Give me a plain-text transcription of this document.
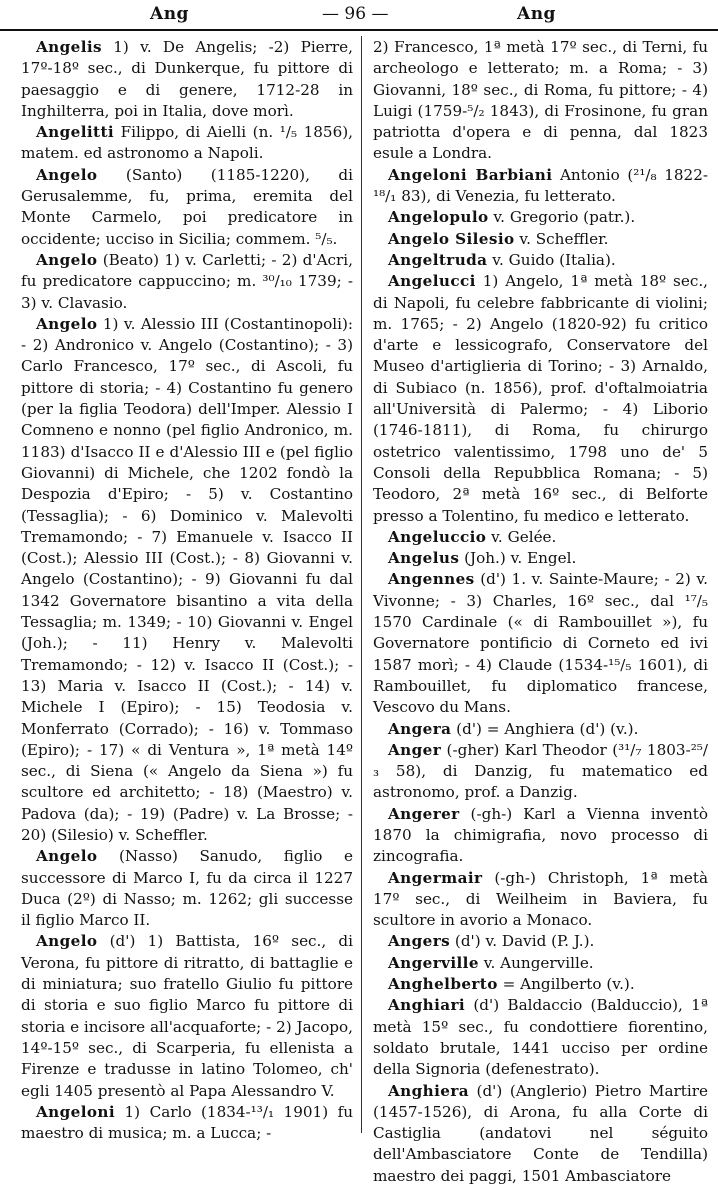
Ang	— 96 —	Ang

Angelis 1) v. De Angelis; -2) Pierre, 17º-18º sec., di Dunkerque, fu pittore di paesaggio e di genere, 1712-28 in Inghilterra, poi in Italia, dove morì.

Angelitti Filippo, di Aielli (n. ¹/₅ 1856), matem. ed astronomo a Napoli.

Angelo (Santo) (1185-1220), di Gerusalemme, fu, prima, eremita del Monte Carmelo, poi predicatore in occidente; ucciso in Sicilia; commem. ⁵/₅.

Angelo (Beato) 1) v. Carletti; - 2) d'Acri, fu predicatore cappuccino; m. ³⁰/₁₀ 1739; - 3) v. Clavasio.

Angelo 1) v. Alessio III (Costantinopoli): - 2) Andronico v. Angelo (Costantino); - 3) Carlo Francesco, 17º sec., di Ascoli, fu pittore di storia; - 4) Costantino fu genero (per la figlia Teodora) dell'Imper. Alessio I Comneno e nonno (pel figlio Andronico, m. 1183) d'Isacco II e d'Alessio III e (pel figlio Giovanni) di Michele, che 1202 fondò la Despozia d'Epiro; - 5) v. Costantino (Tessaglia); - 6) Dominico v. Malevolti Tremamondo; - 7) Emanuele v. Isacco II (Cost.); Alessio III (Cost.); - 8) Giovanni v. Angelo (Costantino); - 9) Giovanni fu dal 1342 Governatore bisantino a vita della Tessaglia; m. 1349; - 10) Giovanni v. Engel (Joh.); - 11) Henry v. Malevolti Tremamondo; - 12) v. Isacco II (Cost.); - 13) Maria v. Isacco II (Cost.); - 14) v. Michele I (Epiro); - 15) Teodosia v. Monferrato (Corrado); - 16) v. Tommaso (Epiro); - 17) « di Ventura », 1ª metà 14º sec., di Siena (« Angelo da Siena ») fu scultore ed architetto; - 18) (Maestro) v. Padova (da); - 19) (Padre) v. La Brosse; - 20) (Silesio) v. Scheffler.

Angelo (Nasso) Sanudo, figlio e successore di Marco I, fu da circa il 1227 Duca (2º) di Nasso; m. 1262; gli successe il figlio Marco II.

Angelo (d') 1) Battista, 16º sec., di Verona, fu pittore di ritratto, di battaglie e di miniatura; suo fratello Giulio fu pittore di storia e suo figlio Marco fu pittore di storia e incisore all'acquaforte; - 2) Jacopo, 14º-15º sec., di Scarperia, fu ellenista a Firenze e tradusse in latino Tolomeo, ch' egli 1405 presentò al Papa Alessandro V.

Angeloni 1) Carlo (1834-¹³/₁ 1901) fu maestro di musica; m. a Lucca; -

2) Francesco, 1ª metà 17º sec., di Terni, fu archeologo e letterato; m. a Roma; - 3) Giovanni, 18º sec., di Roma, fu pittore; - 4) Luigi (1759-⁵/₂ 1843), di Frosinone, fu gran patriotta d'opera e di penna, dal 1823 esule a Londra.

Angeloni Barbiani Antonio (²¹/₈ 1822-¹⁸/₁ 83), di Venezia, fu letterato.

Angelopulo v. Gregorio (patr.).

Angelo Silesio v. Scheffler.

Angeltruda v. Guido (Italia).

Angelucci 1) Angelo, 1ª metà 18º sec., di Napoli, fu celebre fabbricante di violini; m. 1765; - 2) Angelo (1820-92) fu critico d'arte e lessicografo, Conservatore del Museo d'artiglieria di Torino; - 3) Arnaldo, di Subiaco (n. 1856), prof. d'oftalmoiatria all'Università di Palermo; - 4) Liborio (1746-1811), di Roma, fu chirurgo ostetrico valentissimo, 1798 uno de' 5 Consoli della Repubblica Romana; - 5) Teodoro, 2ª metà 16º sec., di Belforte presso a Tolentino, fu medico e letterato.

Angeluccio v. Gelée.

Angelus (Joh.) v. Engel.

Angennes (d') 1. v. Sainte-Maure; - 2) v. Vivonne; - 3) Charles, 16º sec., dal ¹⁷/₅ 1570 Cardinale (« di Rambouillet »), fu Governatore pontificio di Corneto ed ivi 1587 morì; - 4) Claude (1534-¹⁵/₅ 1601), di Rambouillet, fu diplomatico francese, Vescovo du Mans.

Angera (d') = Anghiera (d') (v.).

Anger (-gher) Karl Theodor (³¹/₇ 1803-²⁵/₃ 58), di Danzig, fu matematico ed astronomo, prof. a Danzig.

Angerer (-gh-) Karl a Vienna inventò 1870 la chimigrafia, novo processo di zincografia.

Angermair (-gh-) Christoph, 1ª metà 17º sec., di Weilheim in Baviera, fu scultore in avorio a Monaco.

Angers (d') v. David (P. J.).

Angerville v. Aungerville.

Anghelberto = Angilberto (v.).

Anghiari (d') Baldaccio (Balduccio), 1ª metà 15º sec., fu condottiere fiorentino, soldato brutale, 1441 ucciso per ordine della Signoria (defenestrato).

Anghiera (d') (Anglerio) Pietro Martire (1457-1526), di Arona, fu alla Corte di Castiglia (andatovi nel séguito dell'Ambasciatore Conte de Tendilla) maestro dei paggi, 1501 Ambasciatore
